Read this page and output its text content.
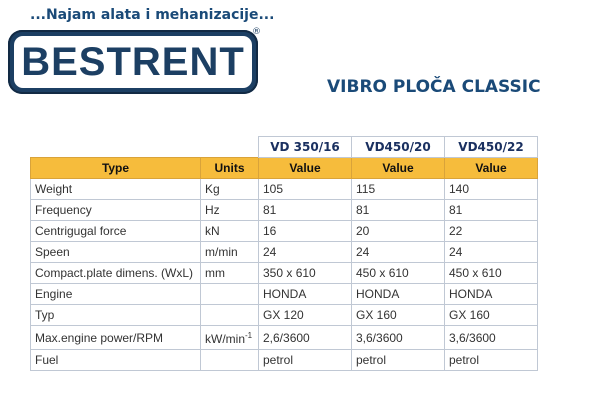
...Najam alata i mehanizacije...
BESTRENT
®
VIBRO PLOČA CLASSIC
		VD 350/16	VD450/20	VD450/22
Type	Units	Value	Value	Value
Weight	Kg	105	115	140
Frequency	Hz	81	81	81
Centrigugal force	kN	16	20	22
Speen	m/min	24	24	24
Compact.plate dimens. (WxL)	mm	350 x 610	450 x 610	450 x 610
Engine		HONDA	HONDA	HONDA
Typ		GX 120	GX 160	GX 160
Max.engine power/RPM	$kW/\min^{-1}$	2,6/3600	3,6/3600	3,6/3600
Fuel		petrol	petrol	petrol
